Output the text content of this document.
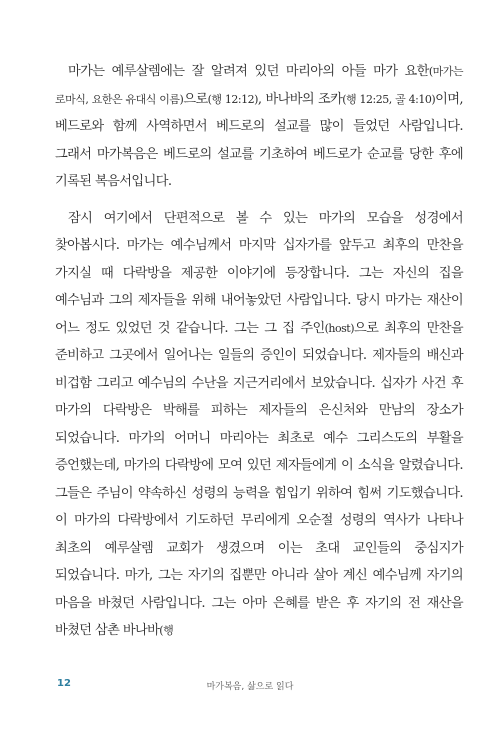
마가는 예루살렘에는 잘 알려져 있던 마리아의 아들 마가 요한(마가는 로마식, 요한은 유대식 이름)으로(행 12:12), 바나바의 조카(행 12:25, 골 4:10)이며, 베드로와 함께 사역하면서 베드로의 설교를 많이 들었던 사람입니다. 그래서 마가복음은 베드로의 설교를 기초하여 베드로가 순교를 당한 후에 기록된 복음서입니다.

잠시 여기에서 단편적으로 볼 수 있는 마가의 모습을 성경에서 찾아봅시다. 마가는 예수님께서 마지막 십자가를 앞두고 최후의 만찬을 가지실 때 다락방을 제공한 이야기에 등장합니다. 그는 자신의 집을 예수님과 그의 제자들을 위해 내어놓았던 사람입니다. 당시 마가는 재산이 어느 정도 있었던 것 같습니다. 그는 그 집 주인(host)으로 최후의 만찬을 준비하고 그곳에서 일어나는 일들의 증인이 되었습니다. 제자들의 배신과 비겁함 그리고 예수님의 수난을 지근거리에서 보았습니다. 십자가 사건 후 마가의 다락방은 박해를 피하는 제자들의 은신처와 만남의 장소가 되었습니다. 마가의 어머니 마리아는 최초로 예수 그리스도의 부활을 증언했는데, 마가의 다락방에 모여 있던 제자들에게 이 소식을 알렸습니다. 그들은 주님이 약속하신 성령의 능력을 힘입기 위하여 힘써 기도했습니다. 이 마가의 다락방에서 기도하던 무리에게 오순절 성령의 역사가 나타나 최초의 예루살렘 교회가 생겼으며 이는 초대 교인들의 중심지가 되었습니다. 마가, 그는 자기의 집뿐만 아니라 살아 계신 예수님께 자기의 마음을 바쳤던 사람입니다. 그는 아마 은혜를 받은 후 자기의 전 재산을 바쳤던 삼촌 바나바(행

12	마가복음, 삶으로 읽다
